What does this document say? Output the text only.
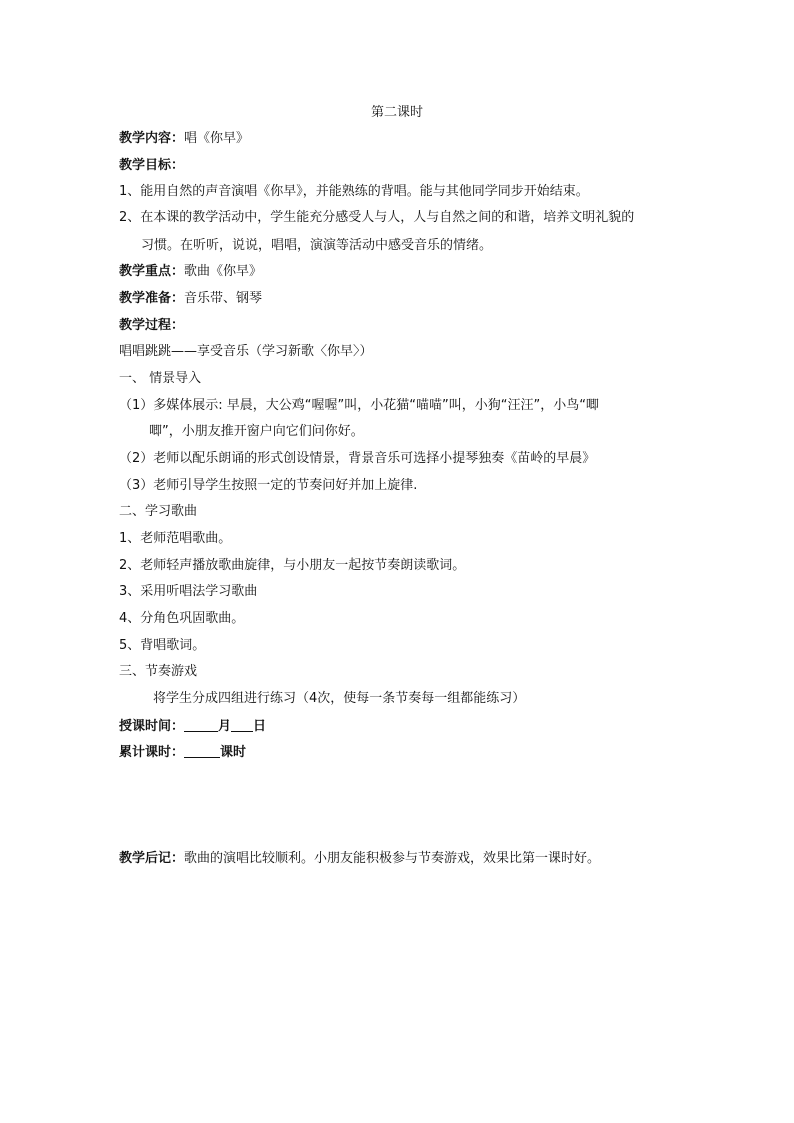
第二课时
教学内容：唱《你早》
教学目标：
1、能用自然的声音演唱《你早》，并能熟练的背唱。能与其他同学同步开始结束。
2、在本课的教学活动中，学生能充分感受人与人，人与自然之间的和谐，培养文明礼貌的
习惯。在听听，说说，唱唱，演演等活动中感受音乐的情绪。
教学重点：歌曲《你早》
教学准备：音乐带、钢琴
教学过程：
唱唱跳跳——享受音乐（学习新歌〈你早〉）
一、 情景导入
（1）多媒体展示: 早晨，大公鸡“喔喔”叫，小花猫“喵喵”叫，小狗“汪汪”，小鸟“唧
唧”，小朋友推开窗户向它们问你好。
（2）老师以配乐朗诵的形式创设情景，背景音乐可选择小提琴独奏《苗岭的早晨》
（3）老师引导学生按照一定的节奏问好并加上旋律.
二、学习歌曲
1、老师范唱歌曲。
2、老师轻声播放歌曲旋律，与小朋友一起按节奏朗读歌词。
3、采用听唱法学习歌曲
4、分角色巩固歌曲。
5、背唱歌词。
三、节奏游戏
将学生分成四组进行练习（4次，使每一条节奏每一组都能练习）
授课时间：	月 日
累计课时：	课时
教学后记：歌曲的演唱比较顺利。小朋友能积极参与节奏游戏，效果比第一课时好。
